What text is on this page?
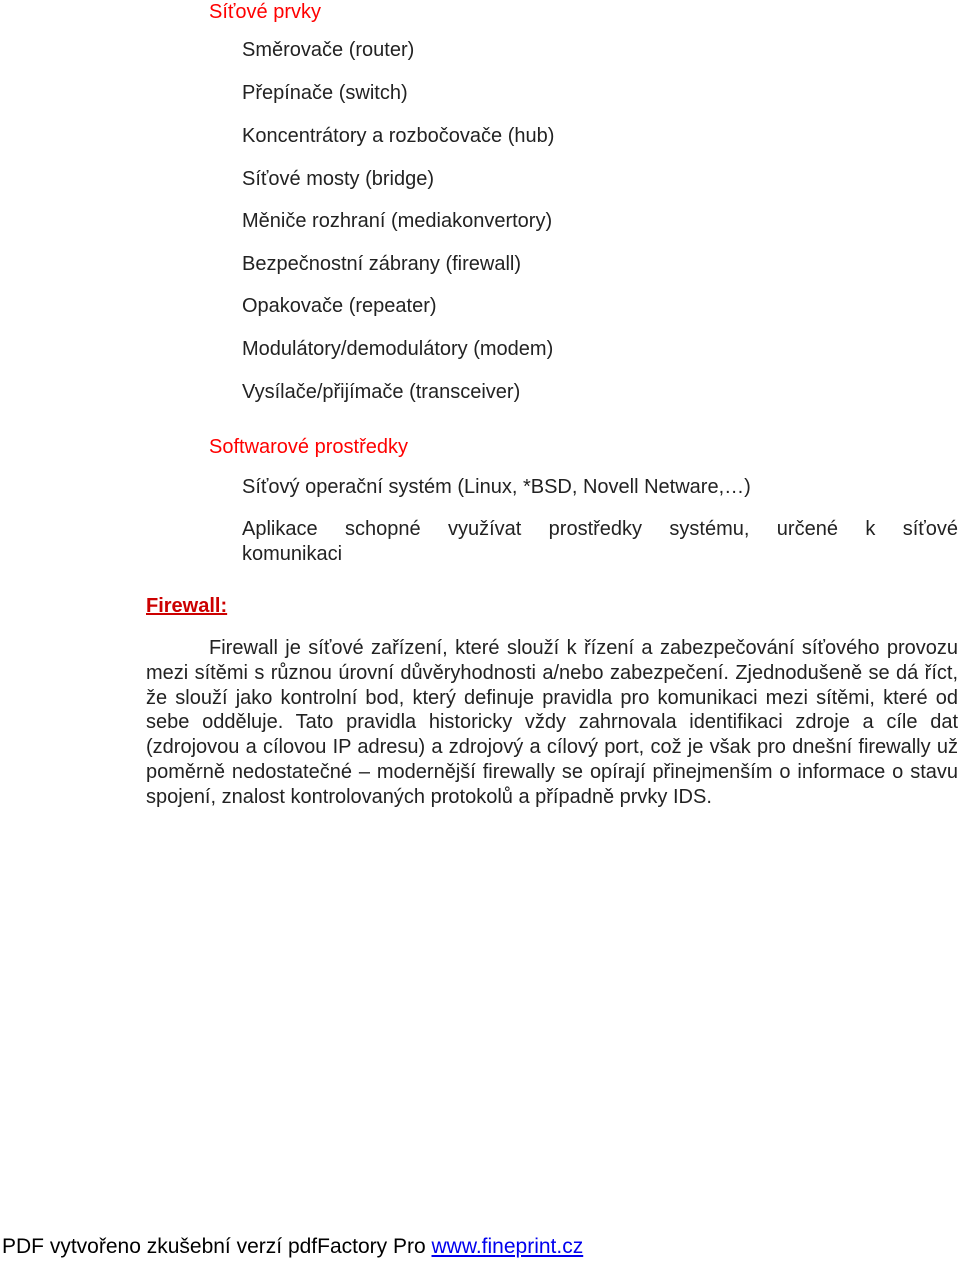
Síťové prvky
Směrovače (router)
Přepínače (switch)
Koncentrátory a rozbočovače (hub)
Síťové mosty (bridge)
Měniče rozhraní (mediakonvertory)
Bezpečnostní zábrany (firewall)
Opakovače (repeater)
Modulátory/demodulátory (modem)
Vysílače/přijímače (transceiver)
Softwarové prostředky
Síťový operační systém (Linux, *BSD, Novell Netware,…)
Aplikace schopné využívat prostředky systému, určené k síťové
komunikaci
Firewall:
Firewall je síťové zařízení, které slouží k řízení a zabezpečování síťového provozu mezi sítěmi s různou úrovní důvěryhodnosti a/nebo zabezpečení. Zjednodušeně se dá říct, že slouží jako kontrolní bod, který definuje pravidla pro komunikaci mezi sítěmi, které od sebe odděluje. Tato pravidla historicky vždy zahrnovala identifikaci zdroje a cíle dat (zdrojovou a cílovou IP adresu) a zdrojový a cílový port, což je však pro dnešní firewally už poměrně nedostatečné – modernější firewally se opírají přinejmenším o informace o stavu spojení, znalost kontrolovaných protokolů a případně prvky IDS.
PDF vytvořeno zkušební verzí pdfFactory Pro www.fineprint.cz
